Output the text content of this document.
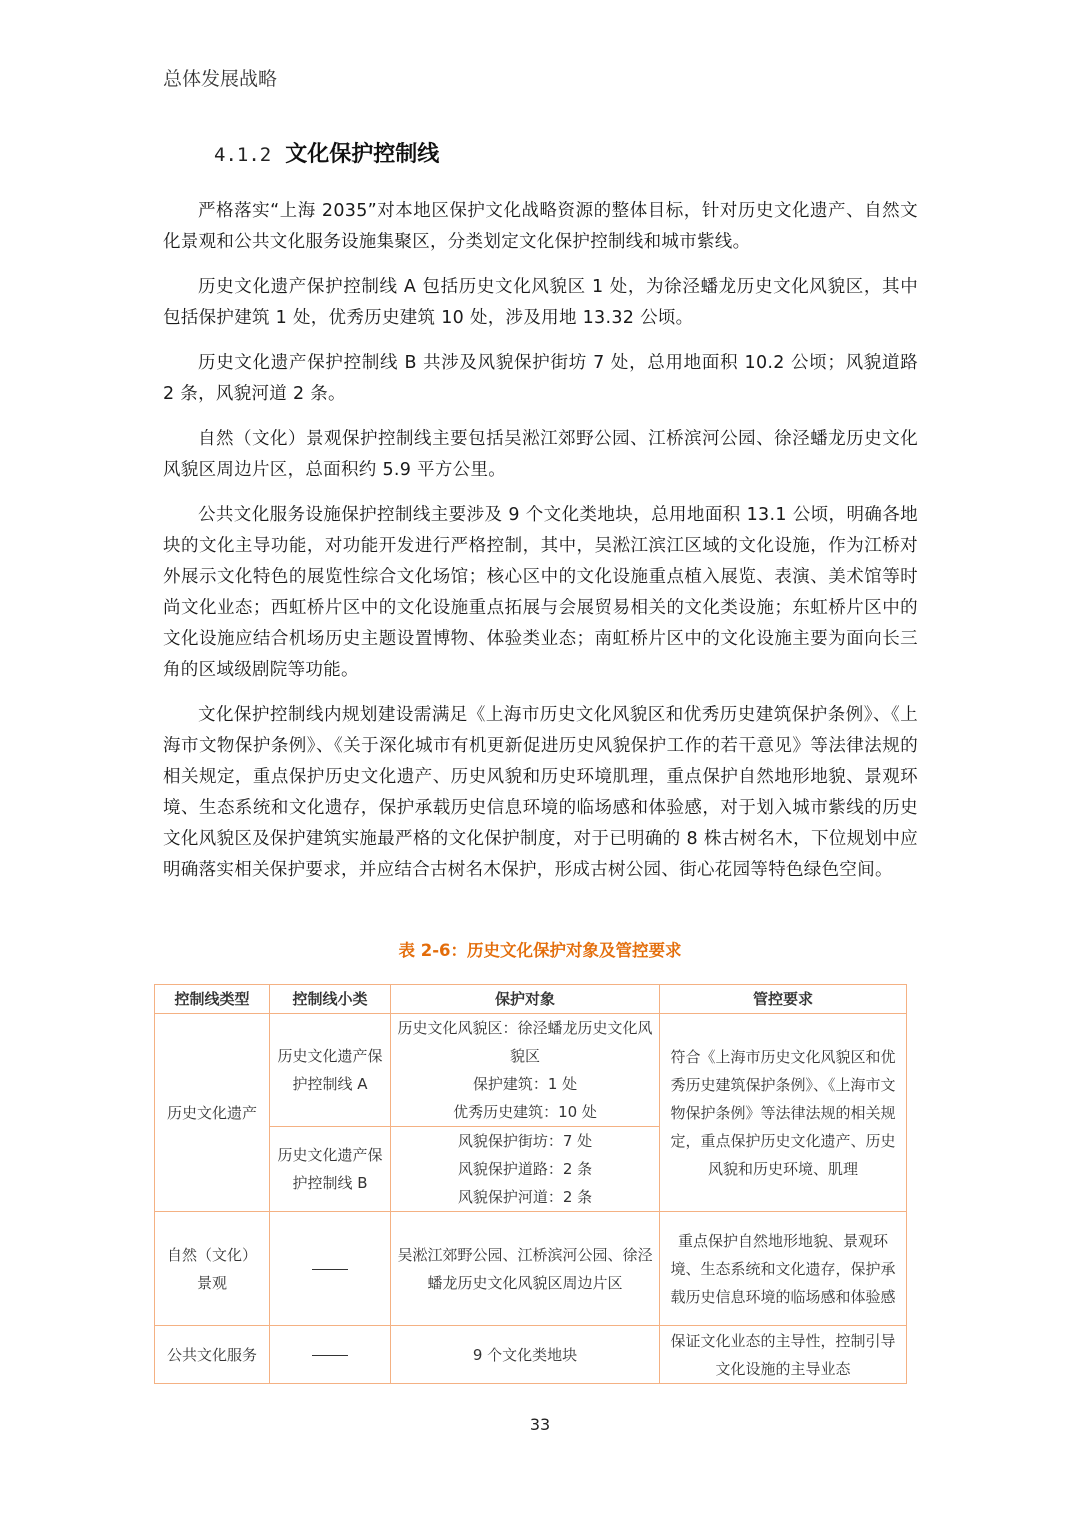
总体发展战略
4.1.2 文化保护控制线

严格落实“上海 2035”对本地区保护文化战略资源的整体目标，针对历史文化遗产、自然文化景观和公共文化服务设施集聚区，分类划定文化保护控制线和城市紫线。

历史文化遗产保护控制线 A 包括历史文化风貌区 1 处，为徐泾蟠龙历史文化风貌区，其中包括保护建筑 1 处，优秀历史建筑 10 处，涉及用地 13.32 公顷。

历史文化遗产保护控制线 B 共涉及风貌保护街坊 7 处，总用地面积 10.2 公顷；风貌道路 2 条，风貌河道 2 条。

自然（文化）景观保护控制线主要包括吴淞江郊野公园、江桥滨河公园、徐泾蟠龙历史文化风貌区周边片区，总面积约 5.9 平方公里。

公共文化服务设施保护控制线主要涉及 9 个文化类地块，总用地面积 13.1 公顷，明确各地块的文化主导功能，对功能开发进行严格控制，其中，吴淞江滨江区域的文化设施，作为江桥对外展示文化特色的展览性综合文化场馆；核心区中的文化设施重点植入展览、表演、美术馆等时尚文化业态；西虹桥片区中的文化设施重点拓展与会展贸易相关的文化类设施；东虹桥片区中的文化设施应结合机场历史主题设置博物、体验类业态；南虹桥片区中的文化设施主要为面向长三角的区域级剧院等功能。

文化保护控制线内规划建设需满足《上海市历史文化风貌区和优秀历史建筑保护条例》、《上海市文物保护条例》、《关于深化城市有机更新促进历史风貌保护工作的若干意见》等法律法规的相关规定，重点保护历史文化遗产、历史风貌和历史环境肌理，重点保护自然地形地貌、景观环境、生态系统和文化遗存，保护承载历史信息环境的临场感和体验感，对于划入城市紫线的历史文化风貌区及保护建筑实施最严格的文化保护制度，对于已明确的 8 株古树名木，下位规划中应明确落实相关保护要求，并应结合古树名木保护，形成古树公园、街心花园等特色绿色空间。

表 2-6：历史文化保护对象及管控要求
控制线类型	控制线小类	保护对象	管控要求
历史文化遗产	历史文化遗产保护控制线 A	历史文化风貌区：徐泾蟠龙历史文化风貌区
保护建筑：1 处
优秀历史建筑：10 处	符合《上海市历史文化风貌区和优秀历史建筑保护条例》、《上海市文物保护条例》等法律法规的相关规定，重点保护历史文化遗产、历史风貌和历史环境、肌理
	历史文化遗产保护控制线 B	风貌保护街坊：7 处
风貌保护道路：2 条
风貌保护河道：2 条	

自然（文化）景观		吴淞江郊野公园、江桥滨河公园、徐泾蟠龙历史文化风貌区周边片区	重点保护自然地形地貌、景观环境、生态系统和文化遗存，保护承载历史信息环境的临场感和体验感
公共文化服务		9 个文化类地块	保证文化业态的主导性，控制引导文化设施的主导业态
33
